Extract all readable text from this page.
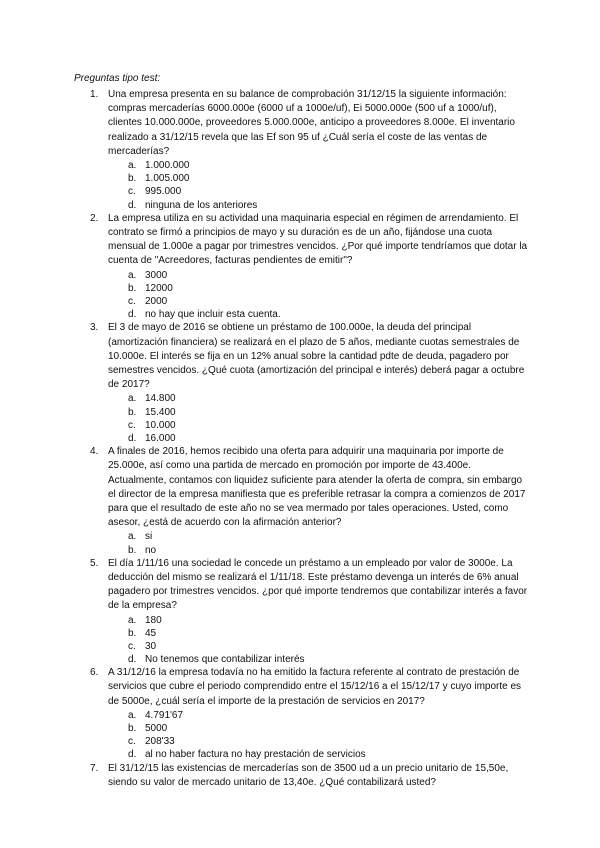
Preguntas tipo test:
1. Una empresa presenta en su balance de comprobación 31/12/15 la siguiente información: compras mercaderías 6000.000e (6000 uf a 1000e/uf), Ei 5000.000e (500 uf a 1000/uf), clientes 10.000.000e, proveedores 5.000.000e, anticipo a proveedores 8.000e. El inventario realizado a 31/12/15 revela que las Ef son 95 uf ¿Cuál sería el coste de las ventas de mercaderías?
a. 1.000.000
b. 1.005.000
c. 995.000
d. ninguna de los anteriores
2. La empresa utiliza en su actividad una maquinaria especial en régimen de arrendamiento. El contrato se firmó a principios de mayo y su duración es de un año, fijándose una cuota mensual de 1.000e a pagar por trimestres vencidos. ¿Por qué importe tendríamos que dotar la cuenta de "Acreedores, facturas pendientes de emitir"?
a. 3000
b. 12000
c. 2000
d. no hay que incluir esta cuenta.
3. El 3 de mayo de 2016 se obtiene un préstamo de 100.000e, la deuda del principal (amortización financiera) se realizará en el plazo de 5 años, mediante cuotas semestrales de 10.000e. El interés se fija en un 12% anual sobre la cantidad pdte de deuda, pagadero por semestres vencidos. ¿Qué cuota (amortización del principal e interés) deberá pagar a octubre de 2017?
a. 14.800
b. 15.400
c. 10.000
d. 16.000
4. A finales de 2016, hemos recibido una oferta para adquirir una maquinaria por importe de 25.000e, así como una partida de mercado en promoción por importe de 43.400e. Actualmente, contamos con liquidez suficiente para atender la oferta de compra, sin embargo el director de la empresa manifiesta que es preferible retrasar la compra a comienzos de 2017 para que el resultado de este año no se vea mermado por tales operaciones. Usted, como asesor, ¿está de acuerdo con la afirmación anterior?
a. si
b. no
5. El día 1/11/16 una sociedad le concede un préstamo a un empleado por valor de 3000e. La deducción del mismo se realizará el 1/11/18. Este préstamo devenga un interés de 6% anual pagadero por trimestres vencidos. ¿por qué importe tendremos que contabilizar interés a favor de la empresa?
a. 180
b. 45
c. 30
d. No tenemos que contabilizar interés
6. A 31/12/16 la empresa todavía no ha emitido la factura referente al contrato de prestación de servicios que cubre el periodo comprendido entre el 15/12/16 a el 15/12/17 y cuyo importe es de 5000e, ¿cuál sería el importe de la prestación de servicios en 2017?
a. 4.791'67
b. 5000
c. 208'33
d. al no haber factura no hay prestación de servicios
7. El 31/12/15 las existencias de mercaderías son de 3500 ud a un precio unitario de 15,50e, siendo su valor de mercado unitario de 13,40e. ¿Qué contabilizará usted?
